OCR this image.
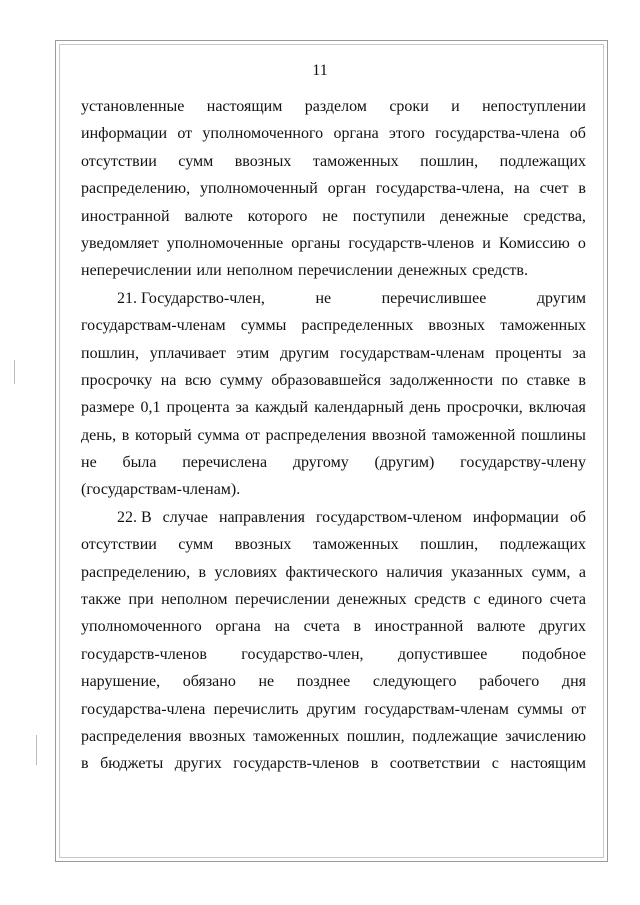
11
установленные настоящим разделом сроки и непоступлении
информации от уполномоченного органа этого государства-члена об
отсутствии сумм ввозных таможенных пошлин, подлежащих
распределению, уполномоченный орган государства-члена, на счет в
иностранной валюте которого не поступили денежные средства,
уведомляет уполномоченные органы государств-членов и Комиссию о
неперечислении или неполном перечислении денежных средств.
21. Государство-член,	не	перечислившее	другим
государствам-членам суммы распределенных ввозных таможенных
пошлин, уплачивает этим другим государствам-членам проценты за
просрочку на всю сумму образовавшейся задолженности по ставке в
размере 0,1 процента за каждый календарный день просрочки, включая
день, в который сумма от распределения ввозной таможенной пошлины
не была перечислена другому (другим) государству-члену
(государствам-членам).
22. В случае направления государством-членом информации об
отсутствии сумм ввозных таможенных пошлин, подлежащих
распределению, в условиях фактического наличия указанных сумм, а
также при неполном перечислении денежных средств с единого счета
уполномоченного органа на счета в иностранной валюте других
государств-членов государство-член, допустившее подобное
нарушение, обязано не позднее следующего рабочего дня
государства-члена перечислить другим государствам-членам суммы от
распределения ввозных таможенных пошлин, подлежащие зачислению
в бюджеты других государств-членов в соответствии с настоящим
